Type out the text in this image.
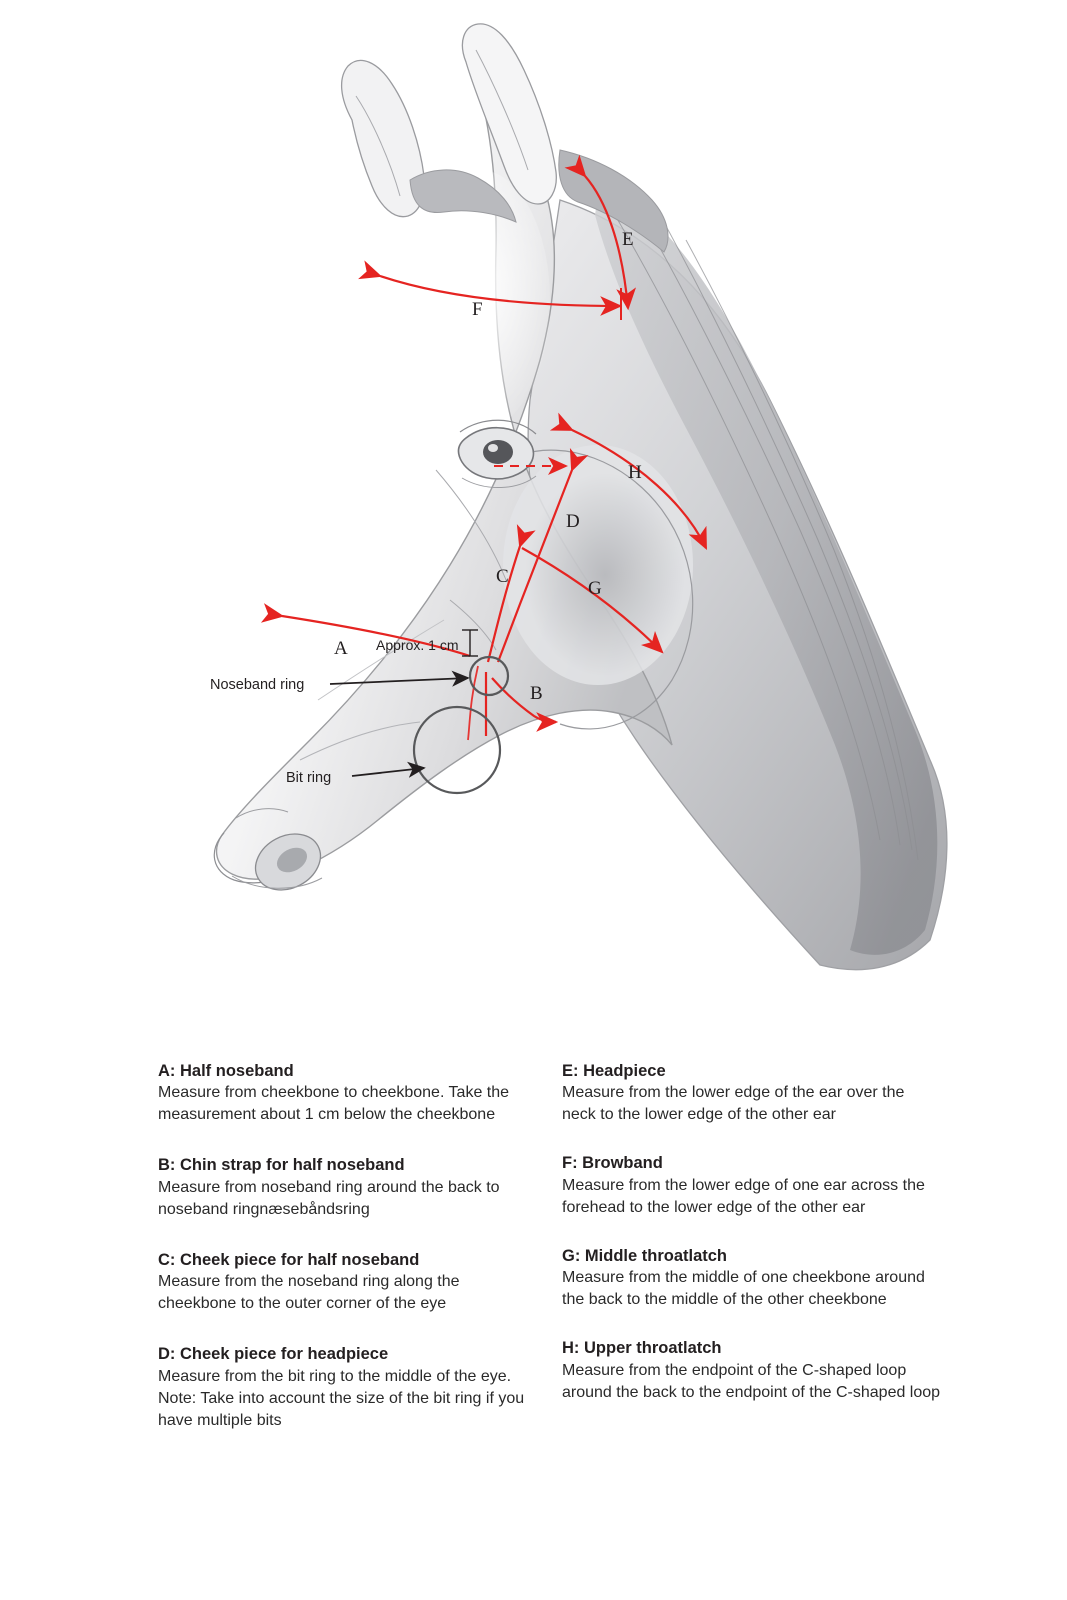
E
F
H
D
C
G
A
B
Approx. 1 cm
Noseband ring
Bit ring
A: Half noseband
Measure from cheekbone to cheekbone. Take the measurement about 1 cm below the cheekbone
B: Chin strap for half noseband
Measure from noseband ring around the back to noseband ringnæsebåndsring
C: Cheek piece for half noseband
Measure from the noseband ring along the cheekbone to the outer corner of the eye
D: Cheek piece for headpiece
Measure from the bit ring to the middle of the eye. Note: Take into account the size of the bit ring if you have multiple bits
E: Headpiece
Measure from the lower edge of the ear over the neck to the lower edge of the other ear
F: Browband
Measure from the lower edge of one ear across the forehead to the lower edge of the other ear
G: Middle throatlatch
Measure from the middle of one cheekbone around the back to the middle of the other cheekbone
H: Upper throatlatch
Measure from the endpoint of the C-shaped loop around the back to the endpoint of the C-shaped loop
